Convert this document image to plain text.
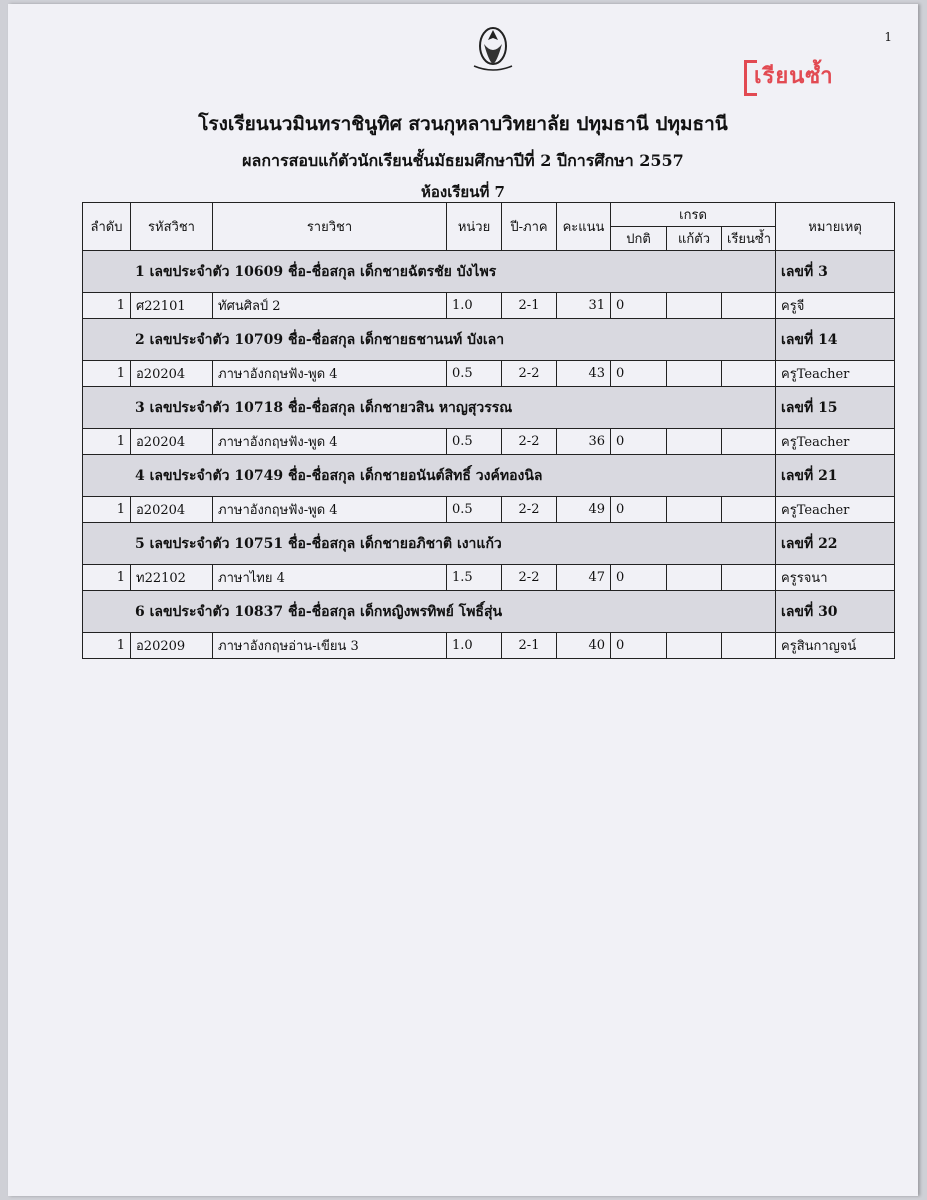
1
เรียนซ้ำ
โรงเรียนนวมินทราชินูทิศ สวนกุหลาบวิทยาลัย ปทุมธานี ปทุมธานี
ผลการสอบแก้ตัวนักเรียนชั้นมัธยมศึกษาปีที่ 2 ปีการศึกษา 2557
ห้องเรียนที่ 7
ลำดับ	รหัสวิชา	รายวิชา	หน่วย	ปี-ภาค	คะแนน	เกรด			หมายเหตุ
						ปกติ	แก้ตัว	เรียนซ้ำ	
1 เลขประจำตัว 10609 ชื่อ-ชื่อสกุล เด็กชายฉัตรชัย บังไพร									เลขที่ 3
1	ศ22101	ทัศนศิลป์ 2	1.0	2-1	31	0			ครูจี
2 เลขประจำตัว 10709 ชื่อ-ชื่อสกุล เด็กชายธชานนท์ บังเลา									เลขที่ 14
1	อ20204	ภาษาอังกฤษฟัง-พูด 4	0.5	2-2	43	0			ครูTeacher
3 เลขประจำตัว 10718 ชื่อ-ชื่อสกุล เด็กชายวสิน หาญสุวรรณ									เลขที่ 15
1	อ20204	ภาษาอังกฤษฟัง-พูด 4	0.5	2-2	36	0			ครูTeacher
4 เลขประจำตัว 10749 ชื่อ-ชื่อสกุล เด็กชายอนันต์สิทธิ์ วงค์ทองนิล									เลขที่ 21
1	อ20204	ภาษาอังกฤษฟัง-พูด 4	0.5	2-2	49	0			ครูTeacher
5 เลขประจำตัว 10751 ชื่อ-ชื่อสกุล เด็กชายอภิชาติ เงาแก้ว									เลขที่ 22
1	ท22102	ภาษาไทย 4	1.5	2-2	47	0			ครูรจนา
6 เลขประจำตัว 10837 ชื่อ-ชื่อสกุล เด็กหญิงพรทิพย์ โพธิ์สุ่น									เลขที่ 30
1	อ20209	ภาษาอังกฤษอ่าน-เขียน 3	1.0	2-1	40	0			ครูสินกาญจน์
